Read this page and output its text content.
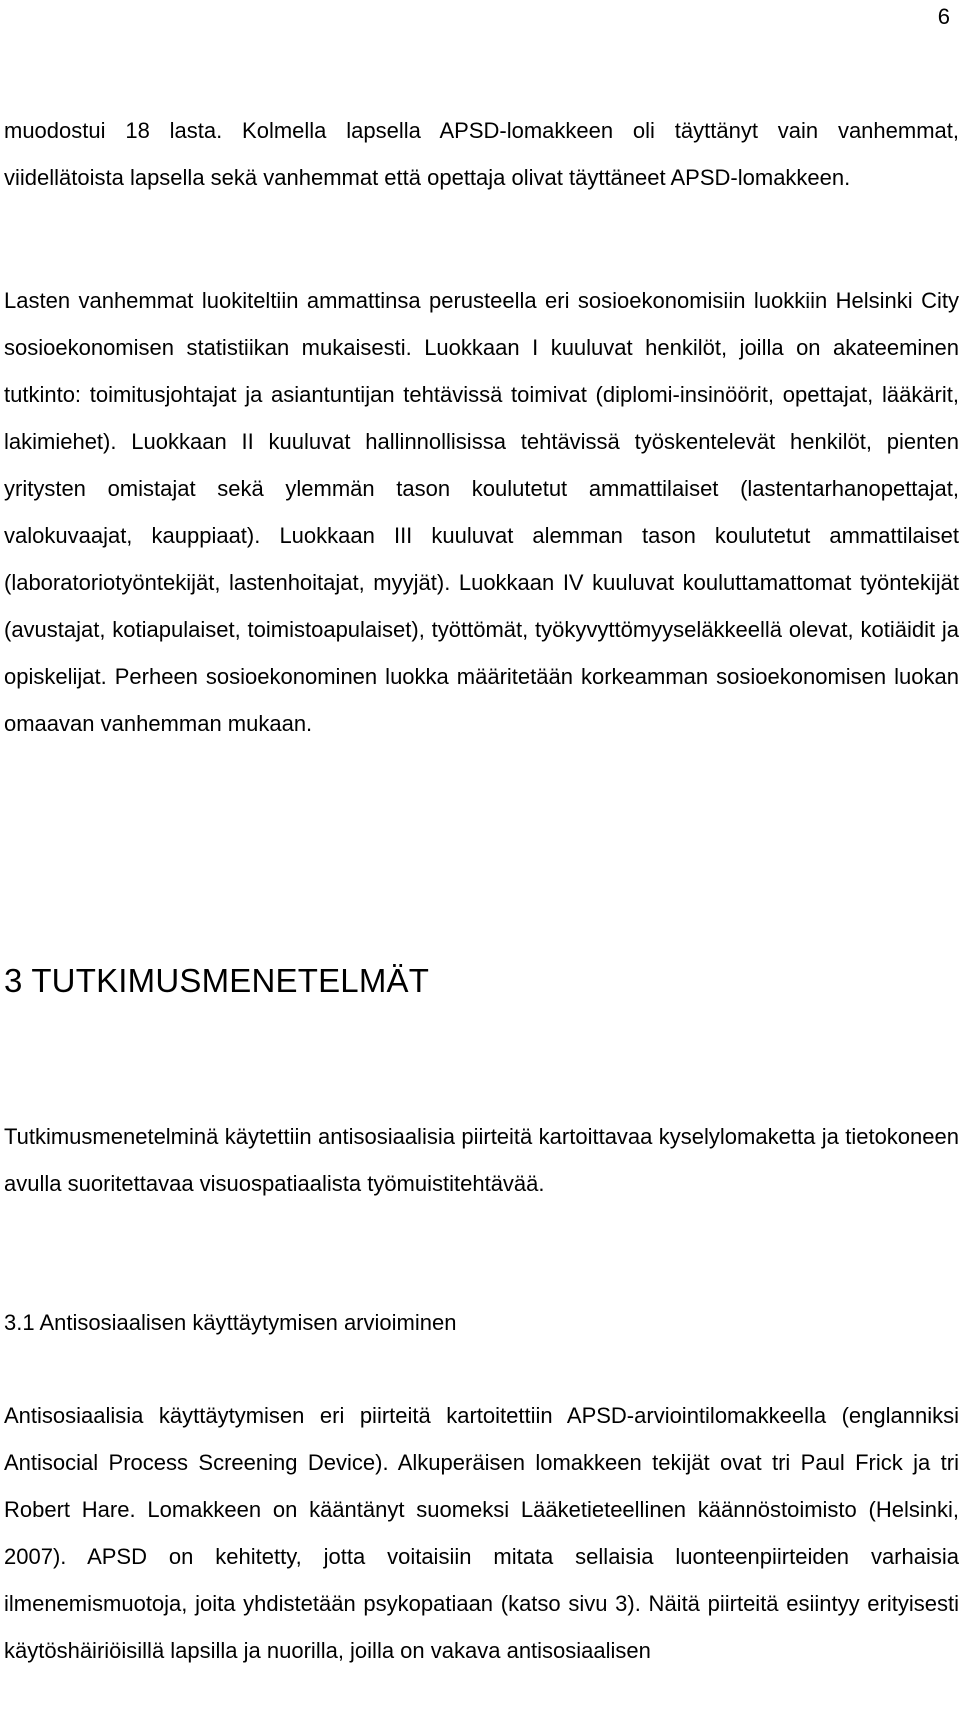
6

muodostui 18 lasta. Kolmella lapsella APSD-lomakkeen oli täyttänyt vain vanhemmat, viidellätoista lapsella sekä vanhemmat että opettaja olivat täyttäneet APSD-lomakkeen.

Lasten vanhemmat luokiteltiin ammattinsa perusteella eri sosioekonomisiin luokkiin Helsinki City sosioekonomisen statistiikan mukaisesti. Luokkaan I kuuluvat henkilöt, joilla on akateeminen tutkinto: toimitusjohtajat ja asiantuntijan tehtävissä toimivat (diplomi-insinöörit, opettajat, lääkärit, lakimiehet). Luokkaan II kuuluvat hallinnollisissa tehtävissä työskentelevät henkilöt, pienten yritysten omistajat sekä ylemmän tason koulutetut ammattilaiset (lastentarhanopettajat, valokuvaajat, kauppiaat). Luokkaan III kuuluvat alemman tason koulutetut ammattilaiset (laboratoriotyöntekijät, lastenhoitajat, myyjät). Luokkaan IV kuuluvat kouluttamattomat työntekijät (avustajat, kotiapulaiset, toimistoapulaiset), työttömät, työkyvyttömyyseläkkeellä olevat, kotiäidit ja opiskelijat. Perheen sosioekonominen luokka määritetään korkeamman sosioekonomisen luokan omaavan vanhemman mukaan.

3 TUTKIMUSMENETELMÄT

Tutkimusmenetelminä käytettiin antisosiaalisia piirteitä kartoittavaa kyselylomaketta ja tietokoneen avulla suoritettavaa visuospatiaalista työmuistitehtävää.

3.1 Antisosiaalisen käyttäytymisen arvioiminen

Antisosiaalisia käyttäytymisen eri piirteitä kartoitettiin APSD-arviointilomakkeella (englanniksi Antisocial Process Screening Device). Alkuperäisen lomakkeen tekijät ovat tri Paul Frick ja tri Robert Hare. Lomakkeen on kääntänyt suomeksi Lääketieteellinen käännöstoimisto (Helsinki, 2007). APSD on kehitetty, jotta voitaisiin mitata sellaisia luonteenpiirteiden varhaisia ilmenemismuotoja, joita yhdistetään psykopatiaan (katso sivu 3). Näitä piirteitä esiintyy erityisesti käytöshäiriöisillä lapsilla ja nuorilla, joilla on vakava antisosiaalisen
